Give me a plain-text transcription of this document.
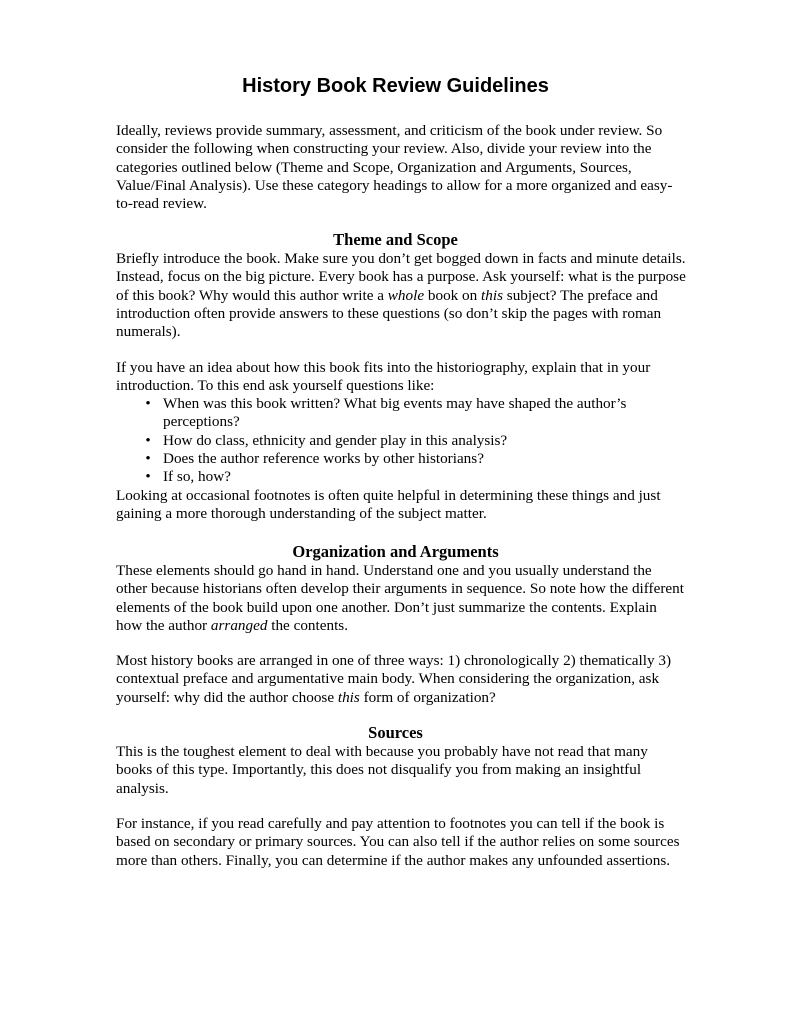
History Book Review Guidelines

Ideally, reviews provide summary, assessment, and criticism of the book under review. So consider the following when constructing your review. Also, divide your review into the categories outlined below (Theme and Scope, Organization and Arguments, Sources, Value/Final Analysis). Use these category headings to allow for a more organized and easy-to-read review.

Theme and Scope

Briefly introduce the book. Make sure you don’t get bogged down in facts and minute details. Instead, focus on the big picture. Every book has a purpose. Ask yourself: what is the purpose of this book? Why would this author write a whole book on this subject? The preface and introduction often provide answers to these questions (so don’t skip the pages with roman numerals).

If you have an idea about how this book fits into the historiography, explain that in your introduction. To this end ask yourself questions like:

• When was this book written? What big events may have shaped the author’s perceptions?
• How do class, ethnicity and gender play in this analysis?
• Does the author reference works by other historians?
• If so, how?

Looking at occasional footnotes is often quite helpful in determining these things and just gaining a more thorough understanding of the subject matter.

Organization and Arguments

These elements should go hand in hand. Understand one and you usually understand the other because historians often develop their arguments in sequence. So note how the different elements of the book build upon one another. Don’t just summarize the contents. Explain how the author arranged the contents.

Most history books are arranged in one of three ways: 1) chronologically 2) thematically 3) contextual preface and argumentative main body. When considering the organization, ask yourself: why did the author choose this form of organization?

Sources

This is the toughest element to deal with because you probably have not read that many books of this type. Importantly, this does not disqualify you from making an insightful analysis.

For instance, if you read carefully and pay attention to footnotes you can tell if the book is based on secondary or primary sources. You can also tell if the author relies on some sources more than others. Finally, you can determine if the author makes any unfounded assertions.
